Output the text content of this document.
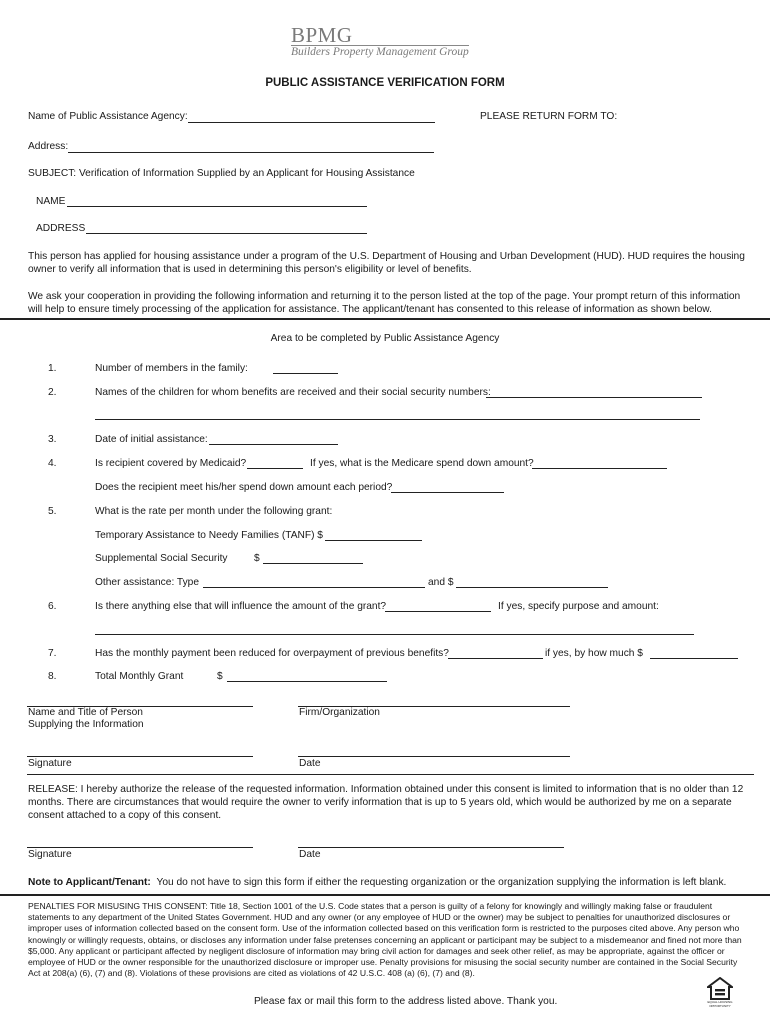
BPMG
Builders Property Management Group
PUBLIC ASSISTANCE VERIFICATION FORM
Name of Public Assistance Agency:	PLEASE RETURN FORM TO:
Address:
SUBJECT: Verification of Information Supplied by an Applicant for Housing Assistance
NAME
ADDRESS
This person has applied for housing assistance under a program of the U.S. Department of Housing and Urban Development (HUD). HUD requires the housing owner to verify all information that is used in determining this person's eligibility or level of benefits.
We ask your cooperation in providing the following information and returning it to the person listed at the top of the page. Your prompt return of this information will help to ensure timely processing of the application for assistance. The applicant/tenant has consented to this release of information as shown below.
Area to be completed by Public Assistance Agency
1.	Number of members in the family:
2.	Names of the children for whom benefits are received and their social security numbers:
3.	Date of initial assistance:
4.	Is recipient covered by Medicaid?	If yes, what is the Medicare spend down amount?
Does the recipient meet his/her spend down amount each period?
5.	What is the rate per month under the following grant:
Temporary Assistance to Needy Families (TANF) $
Supplemental Social Security	$
Other assistance: Type	and $
6.	Is there anything else that will influence the amount of the grant?	If yes, specify purpose and amount:
7.	Has the monthly payment been reduced for overpayment of previous benefits?	if yes, by how much $
8.	Total Monthly Grant	$
Name and Title of Person
Supplying the Information
Firm/Organization
Signature	Date
RELEASE: I hereby authorize the release of the requested information. Information obtained under this consent is limited to information that is no older than 12 months. There are circumstances that would require the owner to verify information that is up to 5 years old, which would be authorized by me on a separate consent attached to a copy of this consent.
Signature	Date
Note to Applicant/Tenant: You do not have to sign this form if either the requesting organization or the organization supplying the information is left blank.
PENALTIES FOR MISUSING THIS CONSENT: Title 18, Section 1001 of the U.S. Code states that a person is guilty of a felony for knowingly and willingly making false or fraudulent statements to any department of the United States Government. HUD and any owner (or any employee of HUD or the owner) may be subject to penalties for unauthorized disclosures or improper uses of information collected based on the consent form. Use of the information collected based on this verification form is restricted to the purposes cited above. Any person who knowingly or willingly requests, obtains, or discloses any information under false pretenses concerning an applicant or participant may be subject to a misdemeanor and fined not more than $5,000. Any applicant or participant affected by negligent disclosure of information may bring civil action for damages and seek other relief, as may be appropriate, against the officer or employee of HUD or the owner responsible for the unauthorized disclosure or improper use. Penalty provisions for misusing the social security number are contained in the Social Security Act at 208(a) (6), (7) and (8). Violations of these provisions are cited as violations of 42 U.S.C. 408 (a) (6), (7) and (8).
Please fax or mail this form to the address listed above. Thank you.	EQUAL HOUSING OPPORTUNITY
